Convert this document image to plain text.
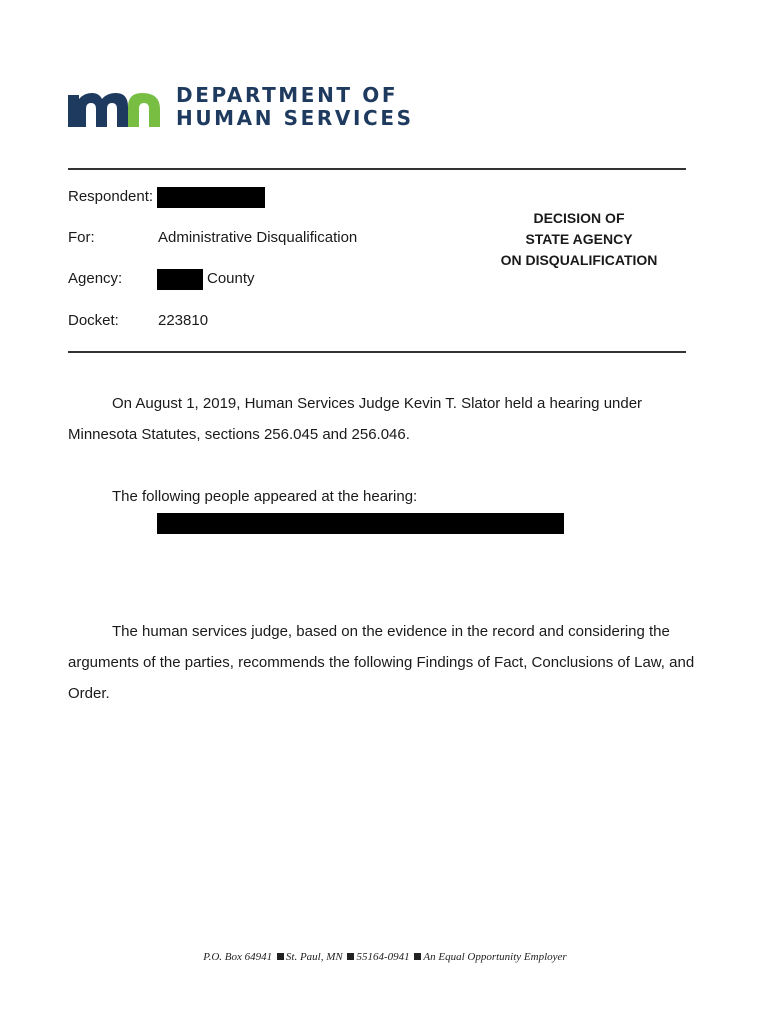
DEPARTMENT OF
HUMAN SERVICES
Respondent:
For:	Administrative Disqualification
Agency:	County
Docket:	223810
DECISION OF
STATE AGENCY
ON DISQUALIFICATION
On August 1, 2019, Human Services Judge Kevin T. Slator held a hearing under Minnesota Statutes, sections 256.045 and 256.046.
The following people appeared at the hearing:
The human services judge, based on the evidence in the record and considering the arguments of the parties, recommends the following Findings of Fact, Conclusions of Law, and Order.
P.O. Box 64941 St. Paul, MN 55164-0941 An Equal Opportunity Employer
